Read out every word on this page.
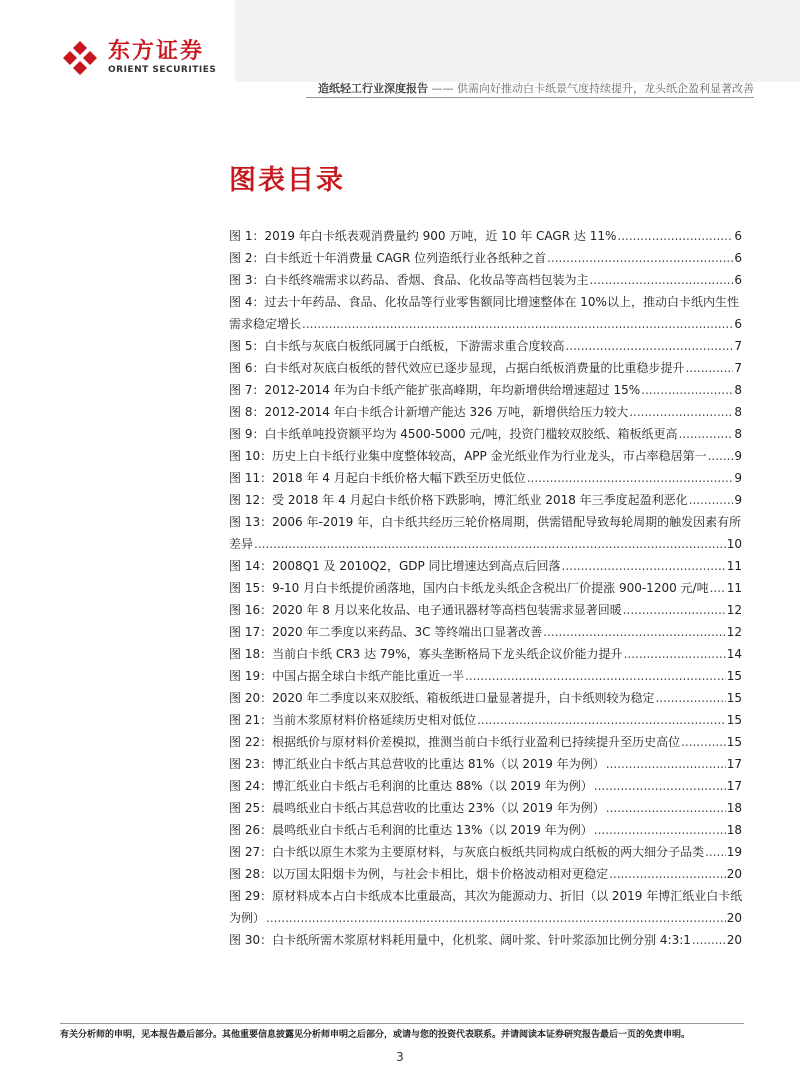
东方证券
ORIENT SECURITIES
造纸轻工行业深度报告 —— 供需向好推动白卡纸景气度持续提升，龙头纸企盈利显著改善
图表目录
图 1：2019 年白卡纸表观消费量约 900 万吨，近 10 年 CAGR 达 11% .....	6
图 2：白卡纸近十年消费量 CAGR 位列造纸行业各纸种之首 .....	6
图 3：白卡纸终端需求以药品、香烟、食品、化妆品等高档包装为主 .....	6
图 4：过去十年药品、食品、化妆品等行业零售额同比增速整体在 10%以上，推动白卡纸内生性
需求稳定增长 .....	6
图 5：白卡纸与灰底白板纸同属于白纸板，下游需求重合度较高 .....	7
图 6：白卡纸对灰底白板纸的替代效应已逐步显现，占据白纸板消费量的比重稳步提升 .....	7
图 7：2012-2014 年为白卡纸产能扩张高峰期，年均新增供给增速超过 15% .....	8
图 8：2012-2014 年白卡纸合计新增产能达 326 万吨，新增供给压力较大 .....	8
图 9：白卡纸单吨投资额平均为 4500-5000 元/吨，投资门槛较双胶纸、箱板纸更高 .....	8
图 10：历史上白卡纸行业集中度整体较高，APP 金光纸业作为行业龙头，市占率稳居第一 ..... 9
图 11：2018 年 4 月起白卡纸价格大幅下跌至历史低位 .....	9
图 12：受 2018 年 4 月起白卡纸价格下跌影响，博汇纸业 2018 年三季度起盈利恶化 .....	9
图 13：2006 年-2019 年，白卡纸共经历三轮价格周期，供需错配导致每轮周期的触发因素有所
差异 .....	10
图 14：2008Q1 及 2010Q2，GDP 同比增速达到高点后回落 .....	11
图 15：9-10 月白卡纸提价函落地，国内白卡纸龙头纸企含税出厂价提涨 900-1200 元/吨 ..... 11
图 16：2020 年 8 月以来化妆品、电子通讯器材等高档包装需求显著回暖 .....	12
图 17：2020 年二季度以来药品、3C 等终端出口显著改善 .....	12
图 18：当前白卡纸 CR3 达 79%，寡头垄断格局下龙头纸企议价能力提升 .....	14
图 19：中国占据全球白卡纸产能比重近一半 .....	15
图 20：2020 年二季度以来双胶纸、箱板纸进口量显著提升，白卡纸则较为稳定 .....	15
图 21：当前木浆原材料价格延续历史相对低位 .....	15
图 22：根据纸价与原材料价差模拟，推测当前白卡纸行业盈利已持续提升至历史高位 .....	15
图 23：博汇纸业白卡纸占其总营收的比重达 81%（以 2019 年为例） .....	17
图 24：博汇纸业白卡纸占毛利润的比重达 88%（以 2019 年为例） .....	17
图 25：晨鸣纸业白卡纸占其总营收的比重达 23%（以 2019 年为例） .....	18
图 26：晨鸣纸业白卡纸占毛利润的比重达 13%（以 2019 年为例） .....	18
图 27：白卡纸以原生木浆为主要原材料，与灰底白板纸共同构成白纸板的两大细分子品类 ..... 19
图 28：以万国太阳烟卡为例，与社会卡相比，烟卡价格波动相对更稳定 .....	20
图 29：原材料成本占白卡纸成本比重最高，其次为能源动力、折旧（以 2019 年博汇纸业白卡纸
为例） .....	20
图 30：白卡纸所需木浆原材料耗用量中，化机浆、阔叶浆、针叶浆添加比例分别 4:3:1 .....	20
有关分析师的申明，见本报告最后部分。其他重要信息披露见分析师申明之后部分，或请与您的投资代表联系。并请阅读本证券研究报告最后一页的免责申明。
3
